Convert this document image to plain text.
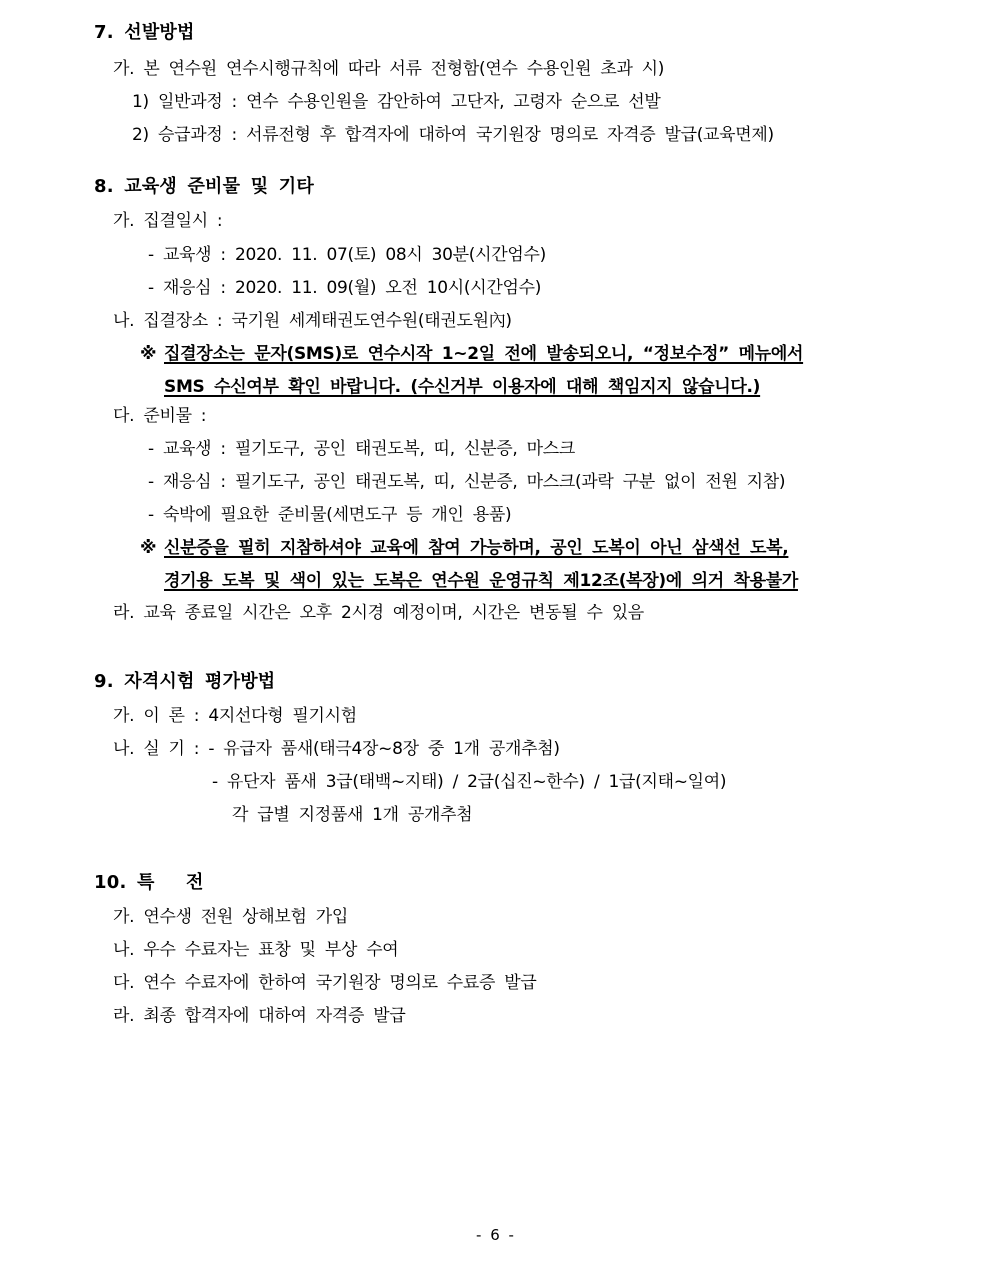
7. 선발방법
가. 본 연수원 연수시행규칙에 따라 서류 전형함(연수 수용인원 초과 시)
1) 일반과정 : 연수 수용인원을 감안하여 고단자, 고령자 순으로 선발
2) 승급과정 : 서류전형 후 합격자에 대하여 국기원장 명의로 자격증 발급(교육면제)
8. 교육생 준비물 및 기타
가. 집결일시 :
- 교육생 : 2020. 11. 07(토) 08시 30분(시간엄수)
- 재응심 : 2020. 11. 09(월) 오전 10시(시간엄수)
나. 집결장소 : 국기원 세계태권도연수원(태권도원內)
※ 집결장소는 문자(SMS)로 연수시작 1~2일 전에 발송되오니, “정보수정” 메뉴에서
SMS 수신여부 확인 바랍니다. (수신거부 이용자에 대해 책임지지 않습니다.)
다. 준비물 :
- 교육생 : 필기도구, 공인 태권도복, 띠, 신분증, 마스크
- 재응심 : 필기도구, 공인 태권도복, 띠, 신분증, 마스크(과락 구분 없이 전원 지참)
- 숙박에 필요한 준비물(세면도구 등 개인 용품)
※ 신분증을 필히 지참하셔야 교육에 참여 가능하며, 공인 도복이 아닌 삼색선 도복,
경기용 도복 및 색이 있는 도복은 연수원 운영규칙 제12조(복장)에 의거 착용불가
라. 교육 종료일 시간은 오후 2시경 예정이며, 시간은 변동될 수 있음
9. 자격시험 평가방법
가. 이 론 : 4지선다형 필기시험
나. 실 기 : - 유급자 품새(태극4장~8장 중 1개 공개추첨)
- 유단자 품새 3급(태백~지태) / 2급(십진~한수) / 1급(지태~일여)
각 급별 지정품새 1개 공개추첨
10. 특   전
가. 연수생 전원 상해보험 가입
나. 우수 수료자는 표창 및 부상 수여
다. 연수 수료자에 한하여 국기원장 명의로 수료증 발급
라. 최종 합격자에 대하여 자격증 발급
- 6 -
